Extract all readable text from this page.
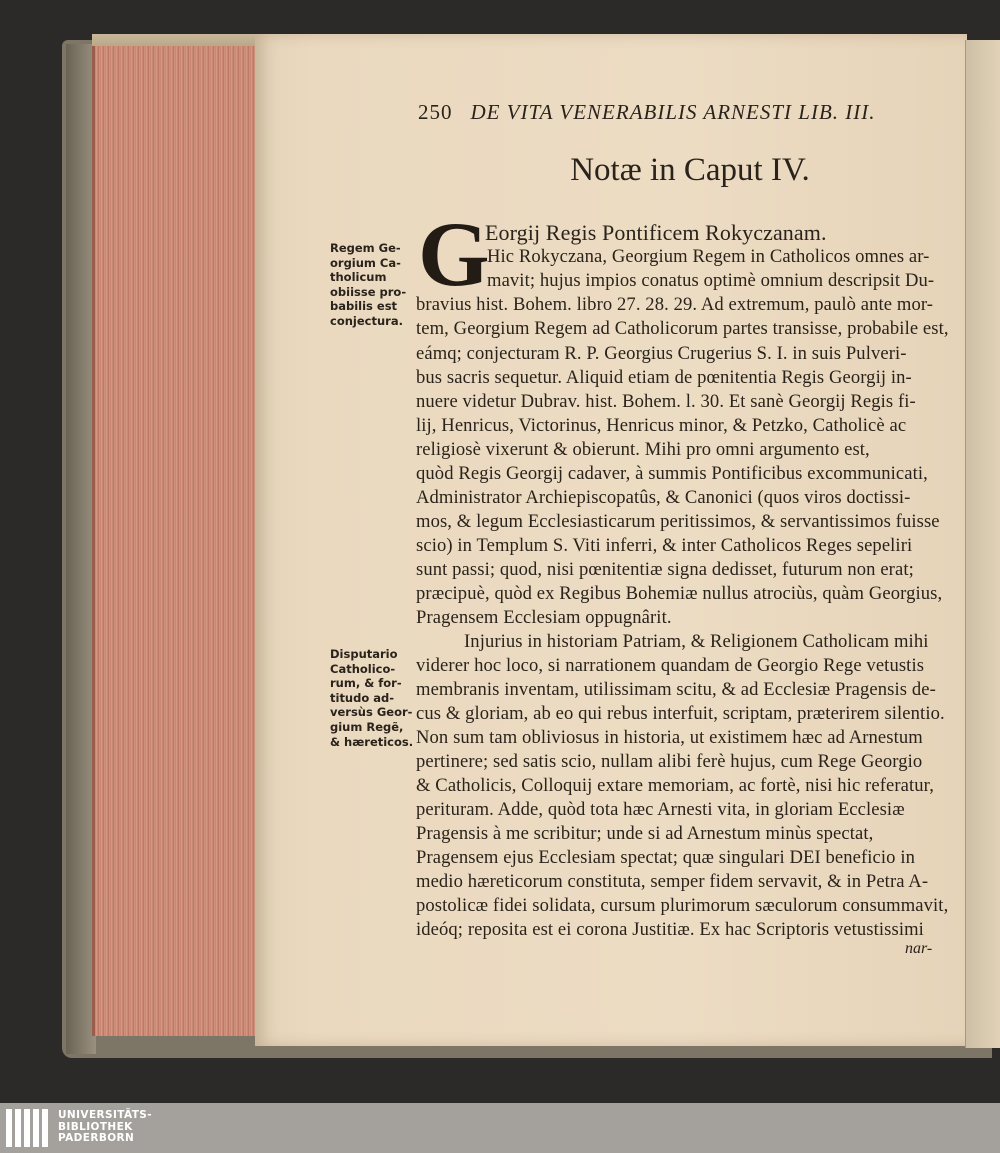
250 DE VITA VENERABILIS ARNESTI LIB. III.
Notæ in Caput IV.
G
Regem Ge-
orgium Ca-
tholicum
obiisse pro-
babilis est
conjectura.
Disputario
Catholico-
rum, & for-
titudo ad-
versùs Geor-
gium Regẽ,
& hæreticos.
Eorgij Regis Pontificem Rokyczanam.
Hic Rokyczana, Georgium Regem in Catholicos omnes ar-
mavit; hujus impios conatus optimè omnium descripsit Du-
bravius hist. Bohem. libro 27. 28. 29. Ad extremum, paulò ante mor-
tem, Georgium Regem ad Catholicorum partes transisse, probabile est,
eámq; conjecturam R. P. Georgius Crugerius S. I. in suis Pulveri-
bus sacris sequetur. Aliquid etiam de pœnitentia Regis Georgij in-
nuere videtur Dubrav. hist. Bohem. l. 30. Et sanè Georgij Regis fi-
lij, Henricus, Victorinus, Henricus minor, & Petzko, Catholicè ac
religiosè vixerunt & obierunt. Mihi pro omni argumento est,
quòd Regis Georgij cadaver, à summis Pontificibus excommunicati,
Administrator Archiepiscopatûs, & Canonici (quos viros doctissi-
mos, & legum Ecclesiasticarum peritissimos, & servantissimos fuisse
scio) in Templum S. Viti inferri, & inter Catholicos Reges sepeliri
sunt passi; quod, nisi pœnitentiæ signa dedisset, futurum non erat;
præcipuè, quòd ex Regibus Bohemiæ nullus atrociùs, quàm Georgius,
Pragensem Ecclesiam oppugnârit.
Injurius in historiam Patriam, & Religionem Catholicam mihi
viderer hoc loco, si narrationem quandam de Georgio Rege vetustis
membranis inventam, utilissimam scitu, & ad Ecclesiæ Pragensis de-
cus & gloriam, ab eo qui rebus interfuit, scriptam, præterirem silentio.
Non sum tam obliviosus in historia, ut existimem hæc ad Arnestum
pertinere; sed satis scio, nullam alibi ferè hujus, cum Rege Georgio
& Catholicis, Colloquij extare memoriam, ac fortè, nisi hic referatur,
perituram. Adde, quòd tota hæc Arnesti vita, in gloriam Ecclesiæ
Pragensis à me scribitur; unde si ad Arnestum minùs spectat,
Pragensem ejus Ecclesiam spectat; quæ singulari DEI beneficio in
medio hæreticorum constituta, semper fidem servavit, & in Petra A-
postolicæ fidei solidata, cursum plurimorum sæculorum consummavit,
ideóq; reposita est ei corona Justitiæ. Ex hac Scriptoris vetustissimi
nar-
UNIVERSITÄTS-
BIBLIOTHEK
PADERBORN
